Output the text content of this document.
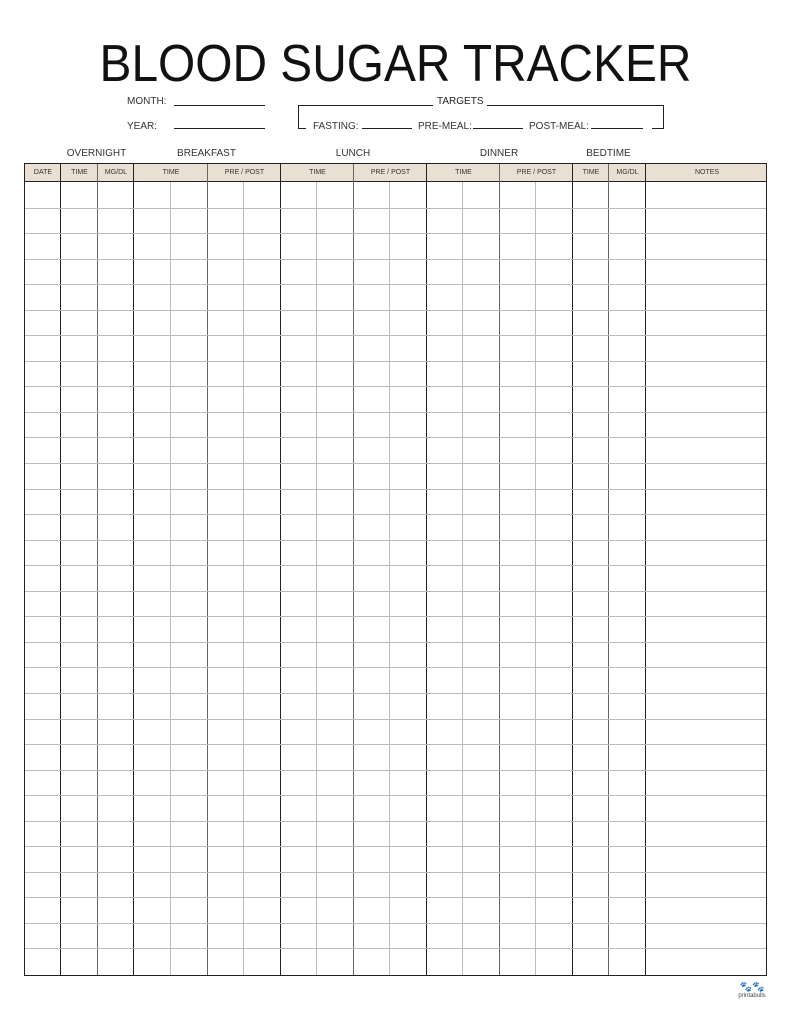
BLOOD SUGAR TRACKER
MONTH:
YEAR:
TARGETS
FASTING:	PRE-MEAL:	POST-MEAL:
OVERNIGHT	BREAKFAST	LUNCH	DINNER	BEDTIME
DATE	TIME	MG/DL	TIME	PRE / POST	TIME	PRE / POST	TIME	PRE / POST	TIME	MG/DL	NOTES
🐾🐾
printabulls
